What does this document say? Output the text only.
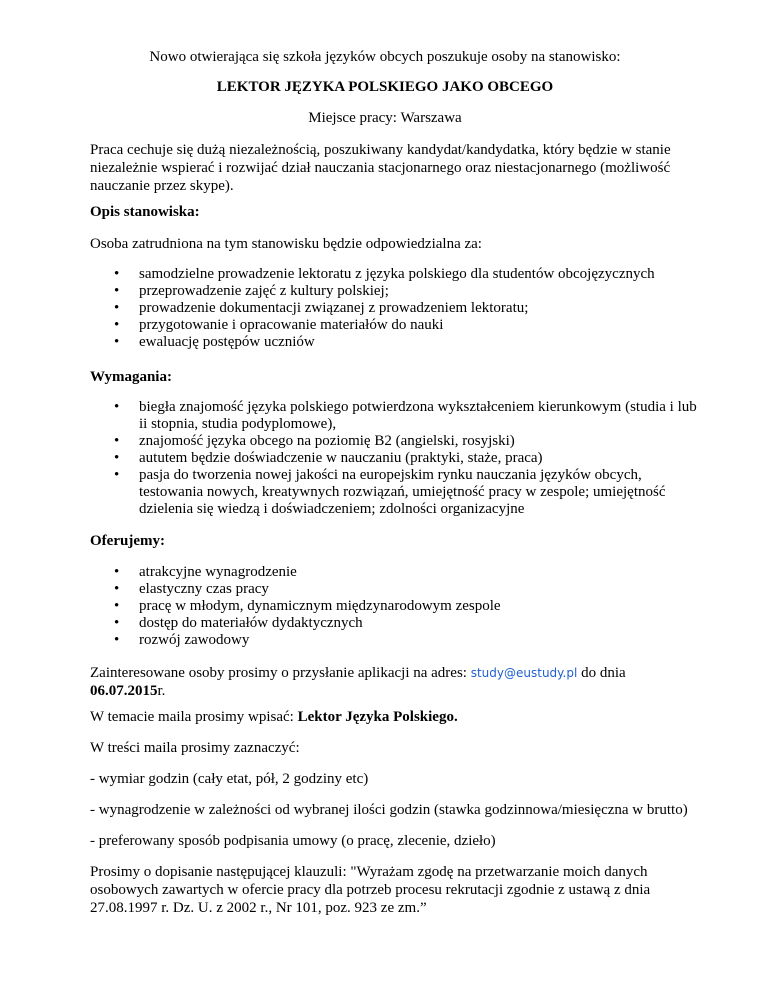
Nowo otwierająca się szkoła języków obcych poszukuje osoby na stanowisko:

LEKTOR JĘZYKA POLSKIEGO JAKO OBCEGO

Miejsce pracy: Warszawa

Praca cechuje się dużą niezależnością, poszukiwany kandydat/kandydatka, który będzie w stanie niezależnie wspierać i rozwijać dział nauczania stacjonarnego oraz niestacjonarnego (możliwość nauczanie przez skype).

Opis stanowiska:

Osoba zatrudniona na tym stanowisku będzie odpowiedzialna za:

• samodzielne prowadzenie lektoratu z języka polskiego dla studentów obcojęzycznych
• przeprowadzenie zajęć z kultury polskiej;
• prowadzenie dokumentacji związanej z prowadzeniem lektoratu;
• przygotowanie i opracowanie materiałów do nauki
• ewaluację postępów uczniów

Wymagania:

• biegła znajomość języka polskiego potwierdzona wykształceniem kierunkowym (studia i lub ii stopnia, studia podyplomowe),
• znajomość języka obcego na poziomię B2 (angielski, rosyjski)
• aututem będzie doświadczenie w nauczaniu (praktyki, staże, praca)
• pasja do tworzenia nowej jakości na europejskim rynku nauczania języków obcych, testowania nowych, kreatywnych rozwiązań, umiejętność pracy w zespole; umiejętność dzielenia się wiedzą i doświadczeniem; zdolności organizacyjne

Oferujemy:

• atrakcyjne wynagrodzenie
• elastyczny czas pracy
• pracę w młodym, dynamicznym międzynarodowym zespole
• dostęp do materiałów dydaktycznych
• rozwój zawodowy

Zainteresowane osoby prosimy o przysłanie aplikacji na adres: study@eustudy.pl do dnia
06.07.2015r.

W temacie maila prosimy wpisać: Lektor Języka Polskiego.

W treści maila prosimy zaznaczyć:

- wymiar godzin (cały etat, pół, 2 godziny etc)

- wynagrodzenie w zależności od wybranej ilości godzin (stawka godzinnowa/miesięczna w brutto)

- preferowany sposób podpisania umowy (o pracę, zlecenie, dzieło)

Prosimy o dopisanie następującej klauzuli: "Wyrażam zgodę na przetwarzanie moich danych osobowych zawartych w ofercie pracy dla potrzeb procesu rekrutacji zgodnie z ustawą z dnia 27.08.1997 r. Dz. U. z 2002 r., Nr 101, poz. 923 ze zm.”
